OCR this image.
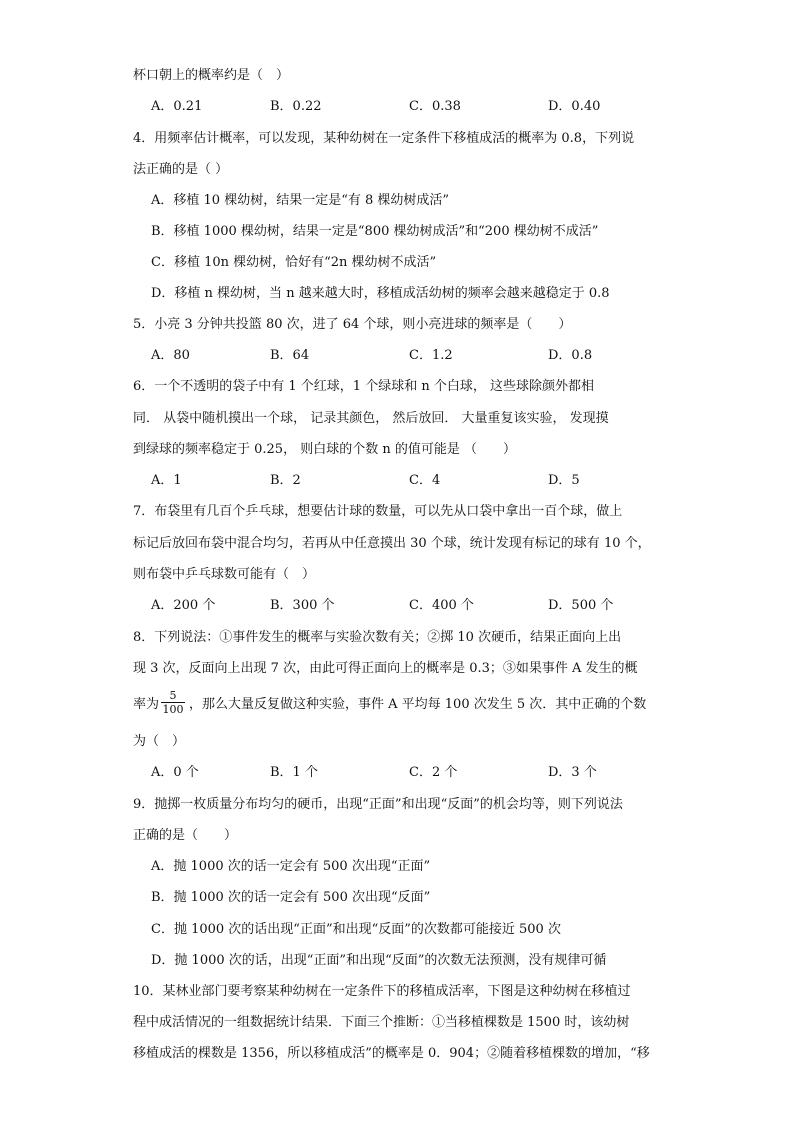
杯口朝上的概率约是（　）
A．0.21	B．0.22	C．0.38	D．0.40
4．用频率估计概率，可以发现，某种幼树在一定条件下移植成活的概率为 0.8，下列说
法正确的是（ ）
A．移植 10 棵幼树，结果一定是“有 8 棵幼树成活”
B．移植 1000 棵幼树，结果一定是“800 棵幼树成活”和“200 棵幼树不成活”
C．移植 10n 棵幼树，恰好有“2n 棵幼树不成活”
D．移植 n 棵幼树，当 n 越来越大时，移植成活幼树的频率会越来越稳定于 0.8
5．小亮 3 分钟共投篮 80 次，进了 64 个球，则小亮进球的频率是（　　）
A．80	B．64	C．1.2	D．0.8
6．一个不透明的袋子中有 1 个红球，1 个绿球和 n 个白球， 这些球除颜外都相
同． 从袋中随机摸出一个球， 记录其颜色， 然后放回． 大量重复该实验， 发现摸
到绿球的频率稳定于 0.25， 则白球的个数 n 的值可能是 （　　）
A．1	B．2	C．4	D．5
7．布袋里有几百个乒乓球，想要估计球的数量，可以先从口袋中拿出一百个球，做上
标记后放回布袋中混合均匀，若再从中任意摸出 30 个球，统计发现有标记的球有 10 个，
则布袋中乒乓球数可能有（　）
A．200 个	B．300 个	C．400 个	D．500 个
8．下列说法：①事件发生的概率与实验次数有关；②掷 10 次硬币，结果正面向上出
现 3 次，反面向上出现 7 次，由此可得正面向上的概率是 0.3；③如果事件 A 发生的概
率为 $\frac{5}{100}$ ，那么大量反复做这种实验，事件 A 平均每 100 次发生 5 次．其中正确的个数
为（　）
A．0 个	B．1 个	C．2 个	D．3 个
9．抛掷一枚质量分布均匀的硬币，出现“正面”和出现“反面”的机会均等，则下列说法
正确的是（　　）
A．抛 1000 次的话一定会有 500 次出现“正面”
B．抛 1000 次的话一定会有 500 次出现“反面”
C．抛 1000 次的话出现“正面”和出现“反面”的次数都可能接近 500 次
D．抛 1000 次的话，出现“正面”和出现“反面”的次数无法预测，没有规律可循
10．某林业部门要考察某种幼树在一定条件下的移植成活率，下图是这种幼树在移植过
程中成活情况的一组数据统计结果．下面三个推断：①当移植棵数是 1500 时，该幼树
移植成活的棵数是 1356，所以移植成活”的概率是 0．904；②随着移植棵数的增加，“移
